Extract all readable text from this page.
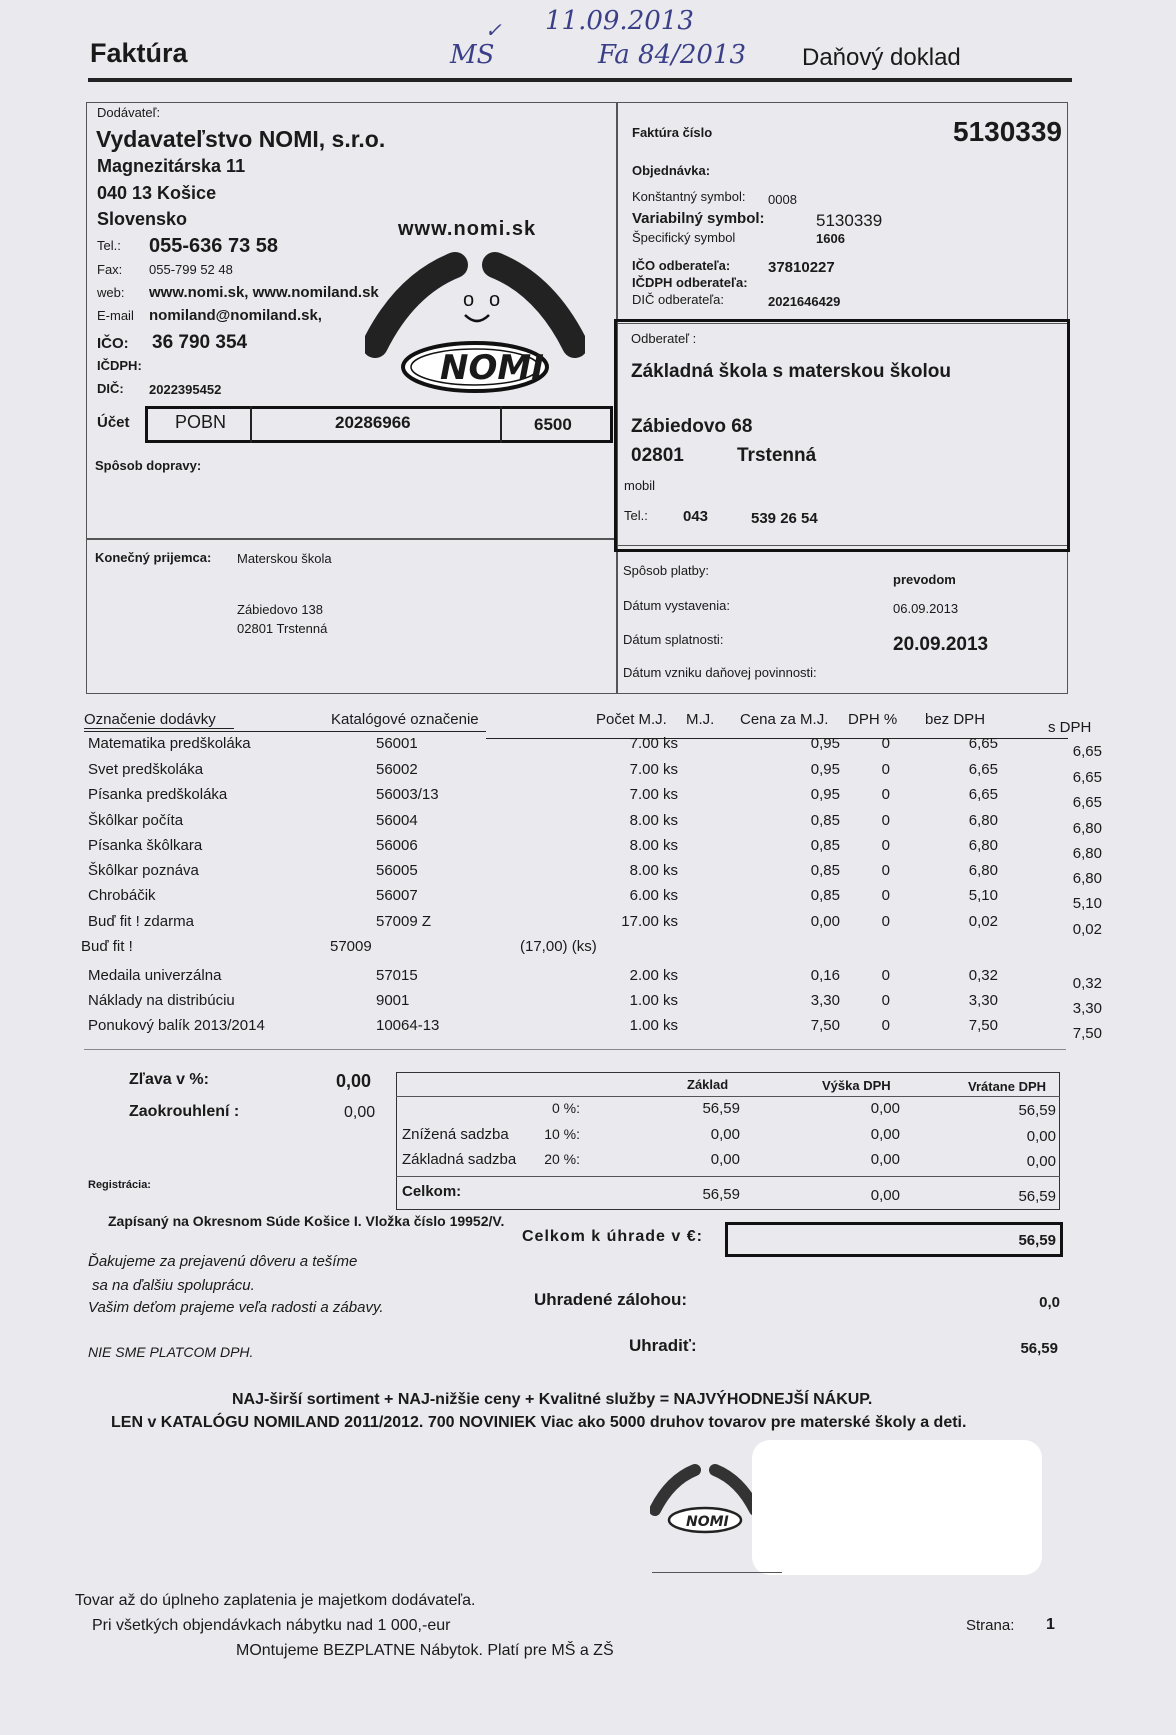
11.09.2013
✓
MS	Fa 84/2013
Faktúra	Daňový doklad
Dodávateľ:
Vydavateľstvo NOMI, s.r.o.
Magnezitárska 11
040 13 Košice
Slovensko
Tel.: 055-636 73 58
Fax: 055-799 52 48
web: www.nomi.sk, www.nomiland.sk
E-mail nomiland@nomiland.sk,
IČO: 36 790 354
IČDPH:
DIČ: 2022395452
www.nomi.sk
o o
NOMI
Účet	POBN	20286966	6500
Spôsob dopravy:
Faktúra číslo	5130339
Objednávka:
Konštantný symbol: 0008
Variabilný symbol:	5130339
Špecifický symbol	1606
IČO odberateľa:	37810227
IČDPH odberateľa:
DIČ odberateľa:	2021646429
Odberateľ :
Základná škola s materskou školou
Zábiedovo 68
02801	Trstenná
mobil
Tel.: 043	539 26 54
Konečný prijemca: Materskou škola
Zábiedovo 138
02801 Trstenná
Spôsob platby:
prevodom
Dátum vystavenia:	06.09.2013
Dátum splatnosti:	20.09.2013
Dátum vzniku daňovej povinnosti:
Označenie dodávky	Katalógové označenie	Počet M.J. M.J. Cena za M.J. DPH % bez DPH	s DPH
Matematika predškoláka	56001	7.00 ks	0,95	0	6,65	6,65
Svet predškoláka	56002	7.00 ks	0,95	0	6,65	6,65
Písanka predškoláka	56003/13	7.00 ks	0,95	0	6,65	6,65
Škôlkar počíta	56004	8.00 ks	0,85	0	6,80	6,80
Písanka škôlkara	56006	8.00 ks	0,85	0	6,80	6,80
Škôlkar poznáva	56005	8.00 ks	0,85	0	6,80	6,80
Chrobáčik	56007	6.00 ks	0,85	0	5,10	5,10
Buď fit ! zdarma	57009 Z	17.00 ks	0,00	0	0,02	0,02
Buď fit !	57009	(17,00) (ks)
Medaila univerzálna	57015	2.00 ks	0,16	0	0,32	0,32
Náklady na distribúciu	9001	1.00 ks	3,30	0	3,30	3,30
Ponukový balík 2013/2014	10064-13	1.00 ks	7,50	0	7,50	7,50
Zľava v %:	0,00
Zaokrouhlení :	0,00
Základ	Výška DPH	Vrátane DPH
0 %:	56,59	0,00	56,59
Znížená sadzba	10 %:	0,00	0,00	0,00
Základná sadzba	20 %:	0,00	0,00	0,00
Celkom:	56,59	0,00	56,59
Registrácia:
Zapísaný na Okresnom Súde Košice I. Vložka číslo 19952/V.
Celkom k úhrade v €:	56,59
Ďakujeme za prejavenú dôveru a tešíme
sa na ďalšiu spoluprácu.
Vašim deťom prajeme veľa radosti a zábavy.
NIE SME PLATCOM DPH.
Uhradené zálohou:	0,0
Uhradiť:	56,59
NAJ-širší sortiment + NAJ-nižšie ceny + Kvalitné služby = NAJVÝHODNEJŠÍ NÁKUP.
LEN v KATALÓGU NOMILAND 2011/2012. 700 NOVINIEK Viac ako 5000 druhov tovarov pre materské školy a deti.
NOMI
Tovar až do úplneho zaplatenia je majetkom dodávateľa.
Pri všetkých objendávkach nábytku nad 1 000,-eur
MOntujeme BEZPLATNE Nábytok. Platí pre MŠ a ZŠ
Strana: 1
